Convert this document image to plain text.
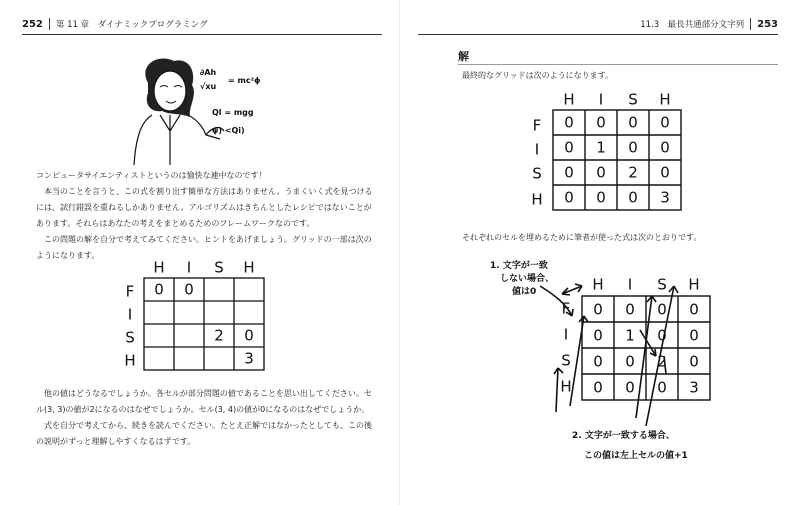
252 第 11 章　ダイナミックプログラミング
∂Ah
√xu
= mc²ϕ
Ql = mgg
ψ) <Qi)

コンピュータサイエンティストというのは愉快な連中なのです！

本当のことを言うと、この式を割り出す簡単な方法はありません。うまくいく式を見つける

には、試行錯誤を重ねるしかありません。アルゴリズムはきちんとしたレシピではないことが

あります。それらはあなたの考えをまとめるためのフレームワークなのです。

この問題の解を自分で考えてみてください。ヒントをあげましょう。グリッドの一部は次の

ようになります。

H I S H
F
I
S
H
0 0
2 0
3

他の値はどうなるでしょうか。各セルが部分問題の値であることを思い出してください。セ

ル(3, 3)の値が2になるのはなぜでしょうか。セル(3, 4)の値が0になるのはなぜでしょうか。

式を自分で考えてから、続きを読んでください。たとえ正解ではなかったとしても、この後

の説明がずっと理解しやすくなるはずです。

11.3　最長共通部分文字列 253
解

最終的なグリッドは次のようになります。

H I S H
F
I
S
H
0 0 0 0
0 1 0 0
0 0 2 0
0 0 0 3

それぞれのセルを埋めるために筆者が使った式は次のとおりです。

1. 文字が一致
しない場合、
値は0	H I S H
F
I
S
H
0 0 0 0
0 1 0 0
0 0 2 0
0 0 0 3
2. 文字が一致する場合、
この値は左上セルの値+1
